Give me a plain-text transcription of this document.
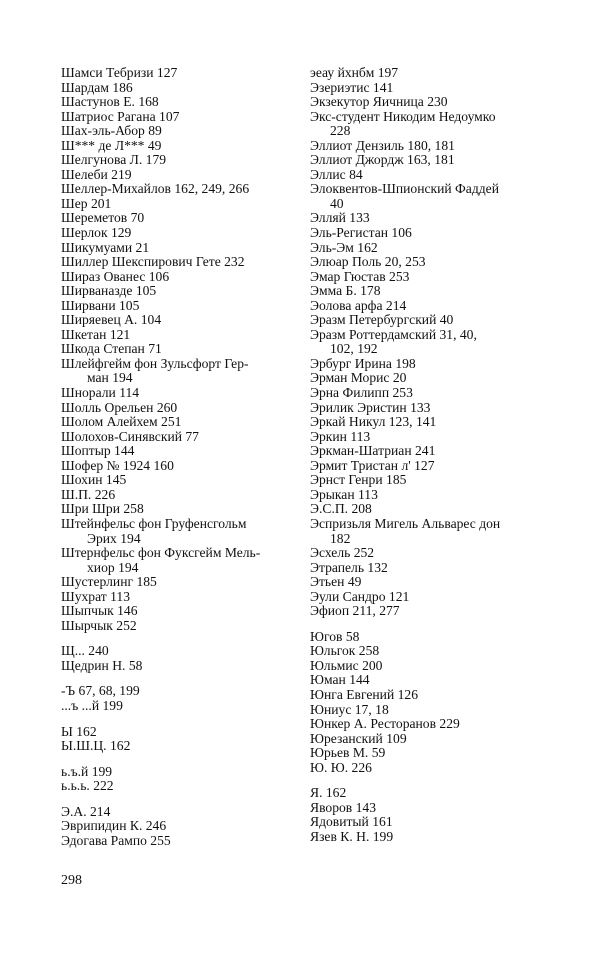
Шамси Тебризи 127
Шардам 186
Шастунов Е. 168
Шатриос Рагана 107
Шах-эль-Абор 89
Ш*** де Л*** 49
Шелгунова Л. 179
Шелеби 219
Шеллер-Михайлов 162, 249, 266
Шер 201
Шереметов 70
Шерлок 129
Шикумуами 21
Шиллер Шекспирович Гете 232
Шираз Ованес 106
Ширваназде 105
Ширвани 105
Ширяевец А. 104
Шкетан 121
Шкода Степан 71
Шлейфгейм фон Зульсфорт Гер-
ман 194
Шнорали 114
Шолль Орельен 260
Шолом Алейхем 251
Шолохов-Синявский 77
Шоптыр 144
Шофер № 1924 160
Шохин 145
Ш.П. 226
Шри Шри 258
Штейнфельс фон Груфенсгольм
Эрих 194
Штернфельс фон Фуксгейм Мель-
хиор 194
Шустерлинг 185
Шухрат 113
Шыпчык 146
Шырчык 252
Щ... 240
Щедрин Н. 58
-Ъ 67, 68, 199
...ъ ...й 199
Ы 162
Ы.Ш.Ц. 162
ь.ъ.й 199
ь.ь.ь. 222
Э.А. 214
Эврипидин К. 246
Эдогава Рампо 255
эеау йхнбм 197
Эзериэтис 141
Экзекутор Яичница 230
Экс-студент Никодим Недоумко
228
Эллиот Дензиль 180, 181
Эллиот Джордж 163, 181
Эллис 84
Элоквентов-Шпионский Фаддей
40
Элляй 133
Эль-Регистан 106
Эль-Эм 162
Элюар Поль 20, 253
Эмар Гюстав 253
Эмма Б. 178
Эолова арфа 214
Эразм Петербургский 40
Эразм Роттердамский 31, 40,
102, 192
Эрбург Ирина 198
Эрман Морис 20
Эрна Филипп 253
Эрилик Эристин 133
Эркай Никул 123, 141
Эркин 113
Эркман-Шатриан 241
Эрмит Тристан л' 127
Эрнст Генри 185
Эрыкан 113
Э.С.П. 208
Эспризьля Мигель Альварес дон
182
Эсхель 252
Этрапель 132
Этьен 49
Эули Сандро 121
Эфиоп 211, 277
Югов 58
Юльгок 258
Юльмис 200
Юман 144
Юнга Евгений 126
Юниус 17, 18
Юнкер А. Ресторанов 229
Юрезанский 109
Юрьев М. 59
Ю. Ю. 226
Я. 162
Яворов 143
Ядовитый 161
Язев К. Н. 199
298
